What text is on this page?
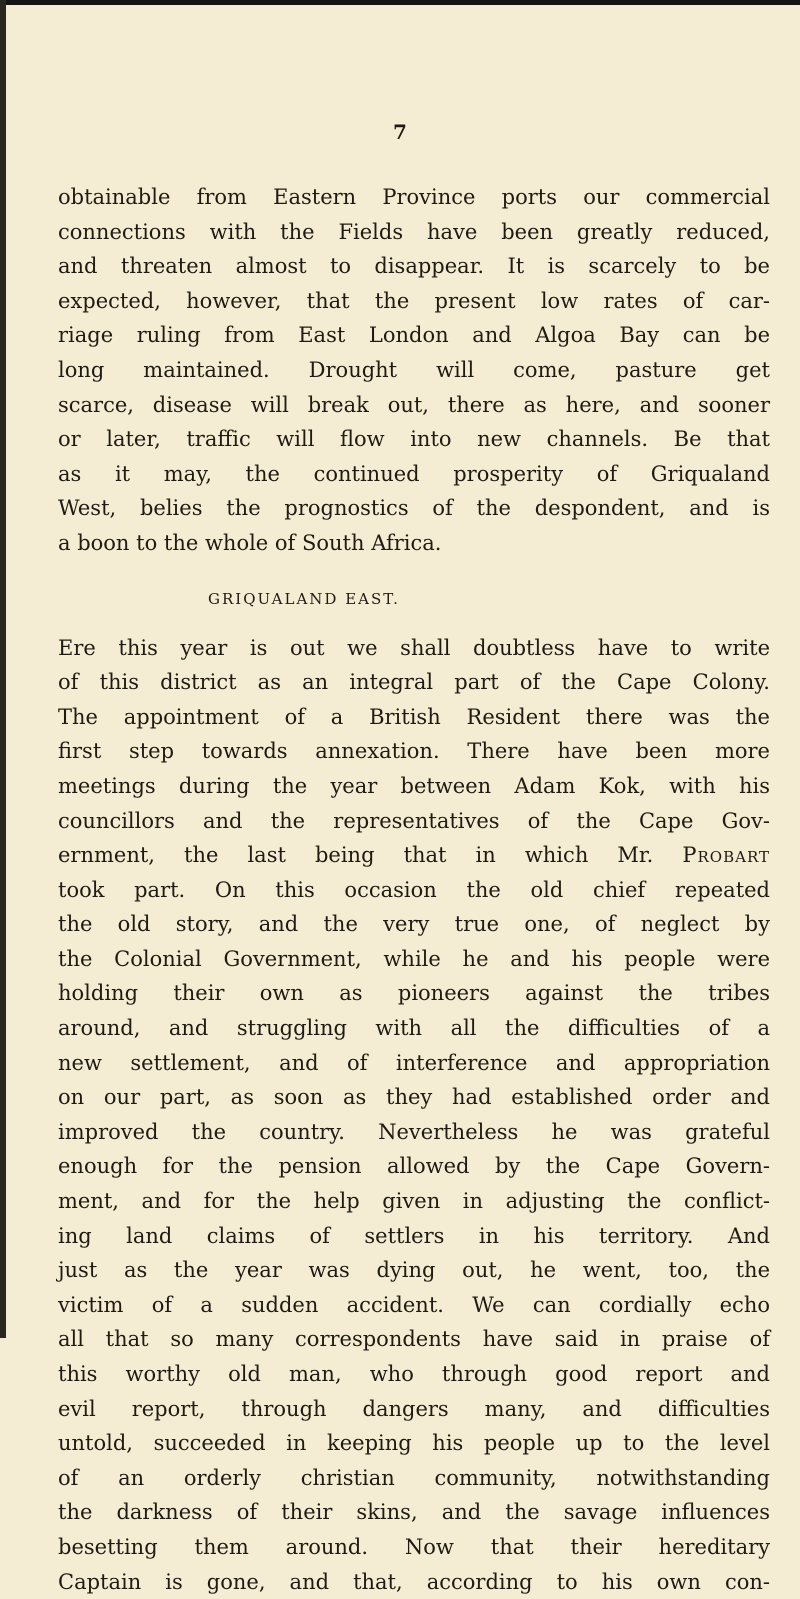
7
obtainable from Eastern Province ports our commercial
connections with the Fields have been greatly reduced,
and threaten almost to disappear. It is scarcely to be
expected, however, that the present low rates of car-
riage ruling from East London and Algoa Bay can be
long maintained. Drought will come, pasture get
scarce, disease will break out, there as here, and sooner
or later, traffic will flow into new channels. Be that
as it may, the continued prosperity of Griqualand
West, belies the prognostics of the despondent, and is
a boon to the whole of South Africa.
GRIQUALAND EAST.
Ere this year is out we shall doubtless have to write
of this district as an integral part of the Cape Colony.
The appointment of a British Resident there was the
first step towards annexation. There have been more
meetings during the year between Adam Kok, with his
councillors and the representatives of the Cape Gov-
ernment, the last being that in which Mr. Probart
took part. On this occasion the old chief repeated
the old story, and the very true one, of neglect by
the Colonial Government, while he and his people were
holding their own as pioneers against the tribes
around, and struggling with all the difficulties of a
new settlement, and of interference and appropriation
on our part, as soon as they had established order and
improved the country. Nevertheless he was grateful
enough for the pension allowed by the Cape Govern-
ment, and for the help given in adjusting the conflict-
ing land claims of settlers in his territory. And
just as the year was dying out, he went, too, the
victim of a sudden accident. We can cordially echo
all that so many correspondents have said in praise of
this worthy old man, who through good report and
evil report, through dangers many, and difficulties
untold, succeeded in keeping his people up to the level
of an orderly christian community, notwithstanding
the darkness of their skins, and the savage influences
besetting them around. Now that their hereditary
Captain is gone, and that, according to his own con-
